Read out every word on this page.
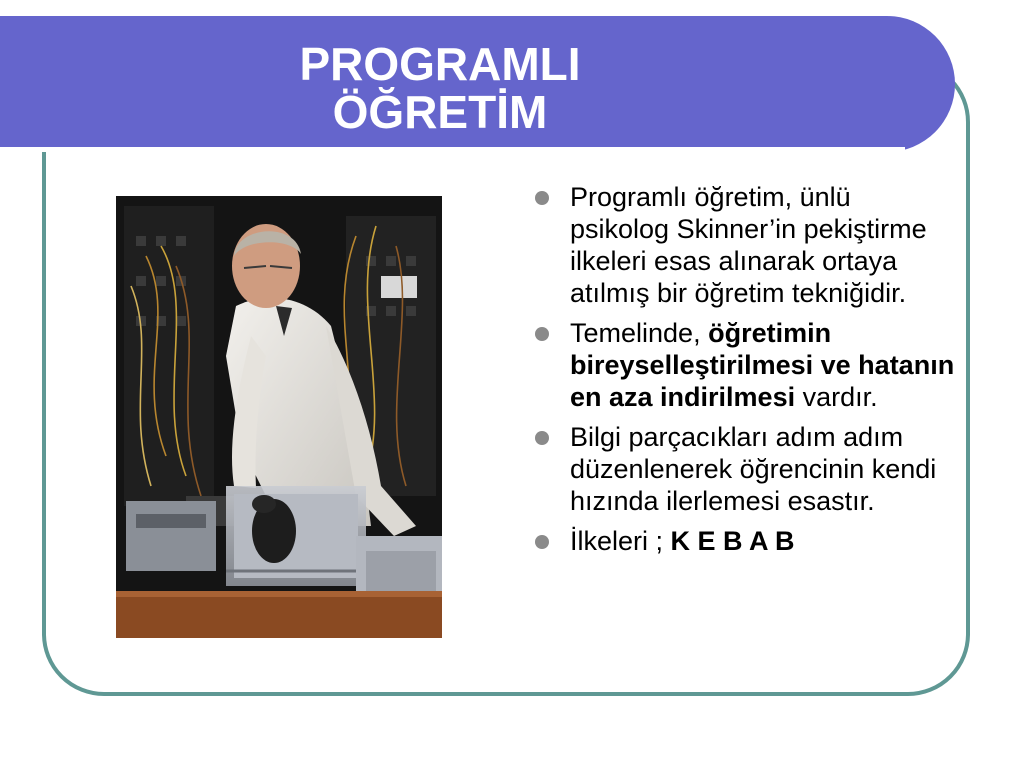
PROGRAMLI
ÖĞRETİM
Programlı öğretim, ünlü psikolog Skinner’in pekiştirme ilkeleri esas alınarak ortaya atılmış bir öğretim tekniğidir.
Temelinde, öğretimin bireyselleştirilmesi ve hatanın en aza indirilmesi vardır.
Bilgi parçacıkları adım adım düzenlenerek öğrencinin kendi hızında ilerlemesi esastır.
İlkeleri ; K E B A B
